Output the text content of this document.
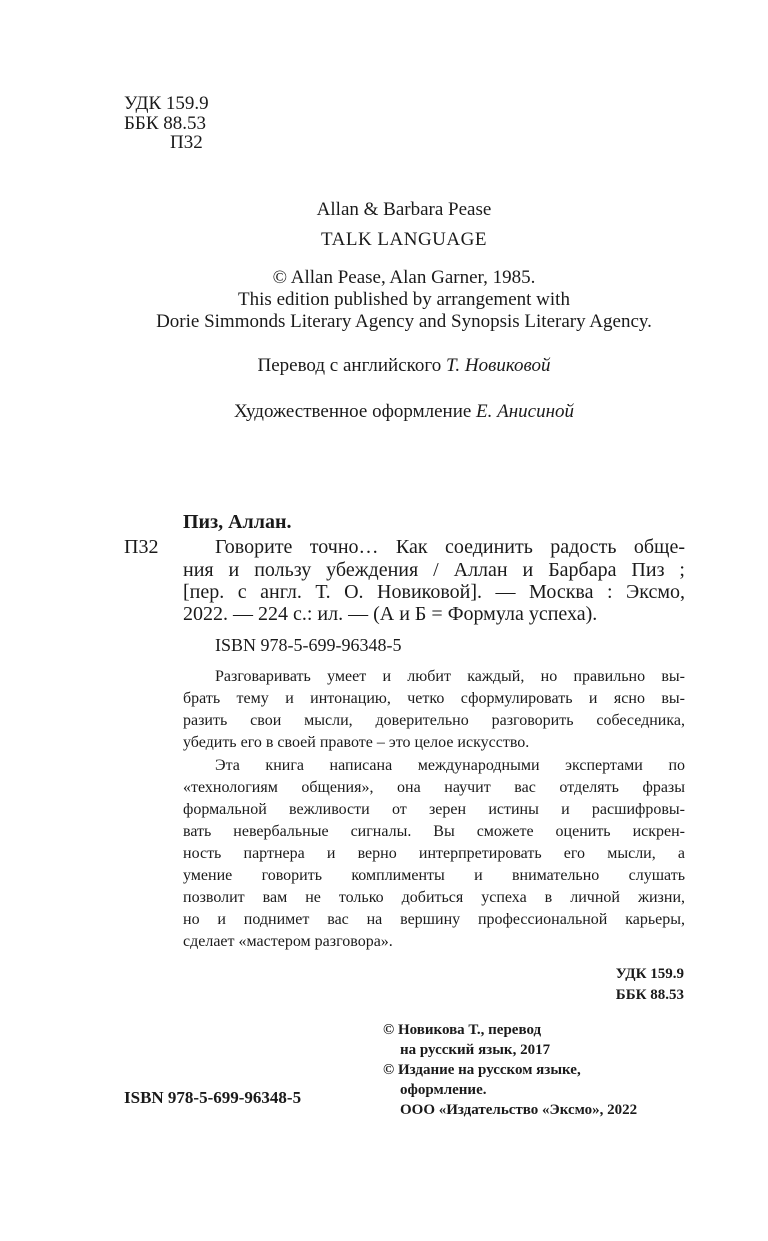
УДК 159.9
ББК 88.53
П32
Allan & Barbara Pease
TALK LANGUAGE
© Allan Pease, Alan Garner, 1985.
This edition published by arrangement with
Dorie Simmonds Literary Agency and Synopsis Literary Agency.
Перевод с английского Т. Новиковой
Художественное оформление Е. Анисиной
Пиз, Аллан.
П32	Говорите точно… Как соединить радость обще-
ния и пользу убеждения / Аллан и Барбара Пиз ;
[пер. с англ. Т. О. Новиковой]. — Москва : Эксмо,
2022. — 224 с.: ил. — (А и Б = Формула успеха).
ISBN 978-5-699-96348-5
Разговаривать умеет и любит каждый, но правильно вы-
брать тему и интонацию, четко сформулировать и ясно вы-
разить свои мысли, доверительно разговорить собеседника,
убедить его в своей правоте – это целое искусство.
Эта книга написана международными экспертами по
«технологиям общения», она научит вас отделять фразы
формальной вежливости от зерен истины и расшифровы-
вать невербальные сигналы. Вы сможете оценить искрен-
ность партнера и верно интерпретировать его мысли, а
умение говорить комплименты и внимательно слушать
позволит вам не только добиться успеха в личной жизни,
но и поднимет вас на вершину профессиональной карьеры,
сделает «мастером разговора».
УДК 159.9
ББК 88.53
ISBN 978-5-699-96348-5
© Новикова Т., перевод
на русский язык, 2017
© Издание на русском языке,
оформление.
ООО «Издательство «Эксмо», 2022
